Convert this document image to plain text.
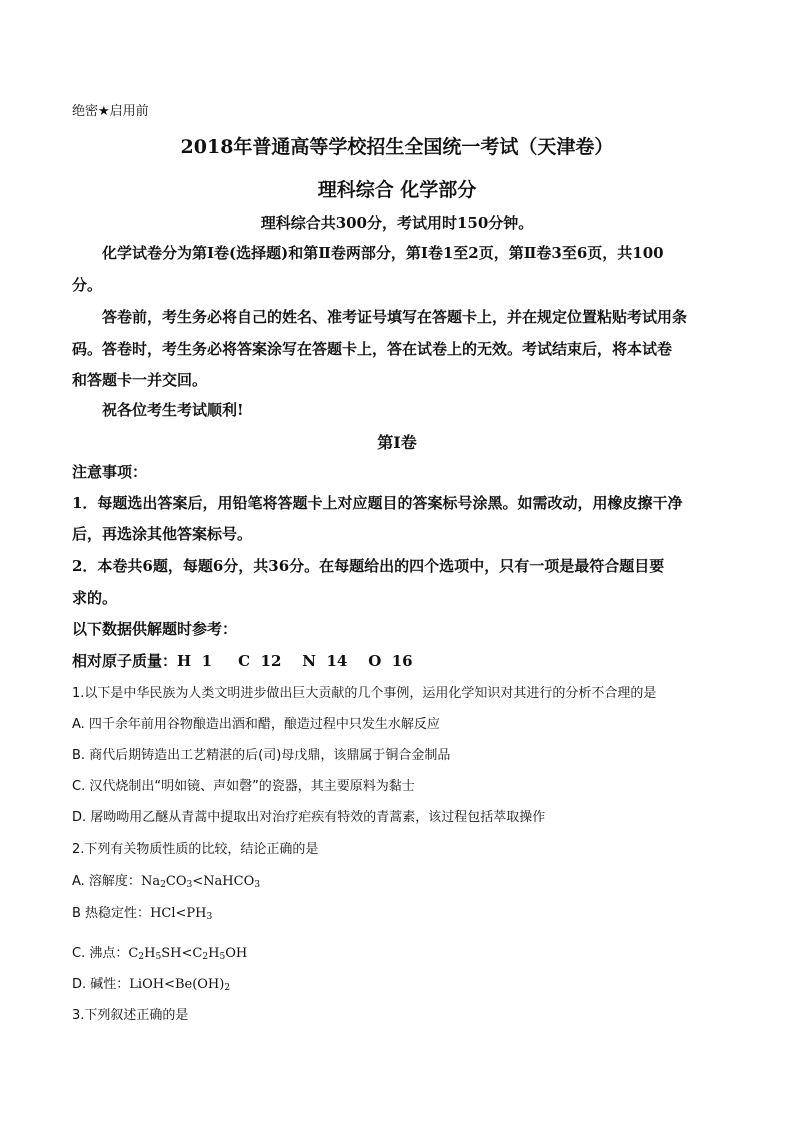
绝密★启用前
2018年普通高等学校招生全国统一考试（天津卷）
理科综合 化学部分
理科综合共300分，考试用时150分钟。
化学试卷分为第Ⅰ卷(选择题)和第Ⅱ卷两部分，第Ⅰ卷1至2页，第Ⅱ卷3至6页，共100
分。
答卷前，考生务必将自己的姓名、准考证号填写在答题卡上，并在规定位置粘贴考试用条
码。答卷时，考生务必将答案涂写在答题卡上，答在试卷上的无效。考试结束后，将本试卷
和答题卡一并交回。
祝各位考生考试顺利!
第Ⅰ卷
注意事项：
1．每题选出答案后，用铅笔将答题卡上对应题目的答案标号涂黑。如需改动，用橡皮擦干净
后，再选涂其他答案标号。
2．本卷共6题，每题6分，共36分。在每题给出的四个选项中，只有一项是最符合题目要
求的。
以下数据供解题时参考：
相对原子质量：H  1     C  12    N  14    O  16
1.以下是中华民族为人类文明进步做出巨大贡献的几个事例，运用化学知识对其进行的分析不合理的是
A. 四千余年前用谷物酿造出酒和醋，酿造过程中只发生水解反应
B. 商代后期铸造出工艺精湛的后(司)母戊鼎，该鼎属于铜合金制品
C. 汉代烧制出“明如镜、声如磬”的瓷器，其主要原料为黏士
D. 屠呦呦用乙醚从青蒿中提取出对治疗疟疾有特效的青蒿素，该过程包括萃取操作
2.下列有关物质性质的比较，结论正确的是
A. 溶解度：$Na_2CO_3<NaHCO_3$
B 热稳定性：$HCl<PH_3$
C. 沸点：$C_2H_5SH<C_2H_5OH$
D. 碱性：$LiOH<Be(OH)_2$
3.下列叙述正确的是
